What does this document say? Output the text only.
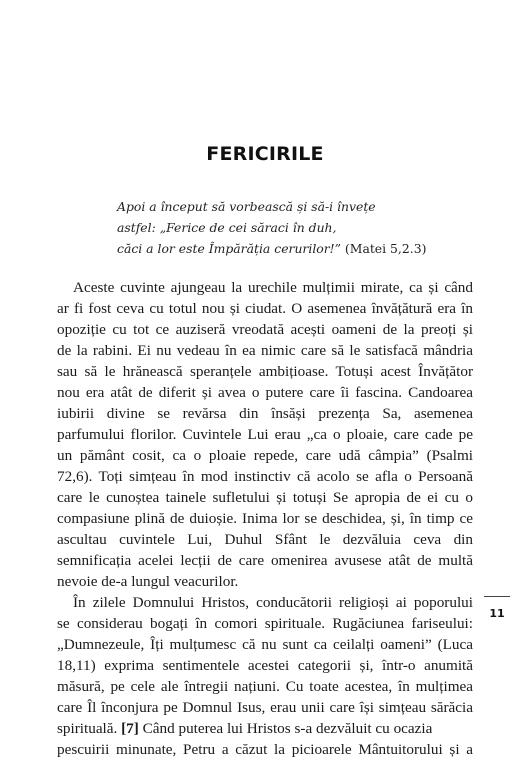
FERICIRILE
Apoi a început să vorbească și să-i învețe
astfel: „Ferice de cei săraci în duh,
căci a lor este Împărăția cerurilor!” (Matei 5,2.3)
Aceste cuvinte ajungeau la urechile mulțimii mirate, ca și când
ar fi fost ceva cu totul nou și ciudat. O asemenea învățătură era în
opoziție cu tot ce auziseră vreodată acești oameni de la preoți și
de la rabini. Ei nu vedeau în ea nimic care să le satisfacă mândria
sau să le hrănească speranțele ambițioase. Totuși acest Învățător
nou era atât de diferit și avea o putere care îi fascina. Candoarea
iubirii divine se revărsa din însăși prezența Sa, asemenea
parfumului florilor. Cuvintele Lui erau „ca o ploaie, care cade pe
un pământ cosit, ca o ploaie repede, care udă câmpia” (Psalmi
72,6). Toți simțeau în mod instinctiv că acolo se afla o Persoană
care le cunoștea tainele sufletului și totuși Se apropia de ei cu o
compasiune plină de duioșie. Inima lor se deschidea, și, în timp ce
ascultau cuvintele Lui, Duhul Sfânt le dezvăluia ceva din
semnificația acelei lecții de care omenirea avusese atât de multă
nevoie de-a lungul veacurilor.
În zilele Domnului Hristos, conducătorii religioși ai poporului
se considerau bogați în comori spirituale. Rugăciunea fariseului:
„Dumnezeule, Îți mulțumesc că nu sunt ca ceilalți oameni” (Luca
18,11) exprima sentimentele acestei categorii și, într-o anumită
măsură, pe cele ale întregii națiuni. Cu toate acestea, în mulțimea
care Îl înconjura pe Domnul Isus, erau unii care își simțeau sărăcia
spirituală. [7] Când puterea lui Hristos s-a dezvăluit cu ocazia
pescuirii minunate, Petru a căzut la picioarele Mântuitorului și a
11
